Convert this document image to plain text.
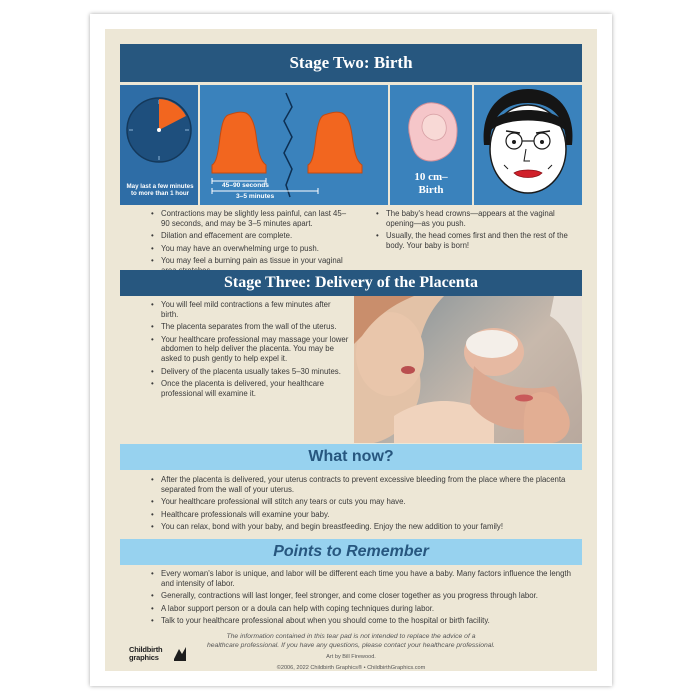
Stage Two: Birth
May last a few minutes
to more than 1 hour
45–90 seconds
3–5 minutes
10 cm–
Birth
• Contractions may be slightly less painful, can last 45–90 seconds, and may be 3–5 minutes apart.
• Dilation and effacement are complete.
• You may have an overwhelming urge to push.
• You may feel a burning pain as tissue in your vaginal
• The baby's head crowns—appears at the vaginal opening—as you push.
• Usually, the head comes first and then the rest of the body. Your baby is born!
Stage Three: Delivery of the Placenta
• You will feel mild contractions a few minutes after birth.
• The placenta separates from the wall of the uterus.
• Your healthcare professional may massage your lower abdomen to help deliver the placenta. You may be asked to push gently to help expel it.
• Delivery of the placenta usually takes 5–30 minutes.
• Once the placenta is delivered, your healthcare professional will examine it.
What now?
• After the placenta is delivered, your uterus contracts to prevent excessive bleeding from the place where the placenta separated from the wall of your uterus.
• Your healthcare professional will stitch any tears or cuts you may have.
• Healthcare professionals will examine your baby.
• You can relax, bond with your baby, and begin breastfeeding. Enjoy the new addition to your family!
Points to Remember
• Every woman's labor is unique, and labor will be different each time you have a baby. Many factors influence the length and intensity of labor.
• Generally, contractions will last longer, feel stronger, and come closer together as you progress through labor.
• A labor support person or a doula can help with coping techniques during labor.
• Talk to your healthcare professional about when you should come to the hospital or birth facility.
The information contained in this tear pad is not intended to replace the advice of a
healthcare professional. If you have any questions, please contact your healthcare professional.
Art by Bill Firewood.
©2006, 2022 Childbirth Graphics® • ChildbirthGraphics.com
Childbirth
graphics
